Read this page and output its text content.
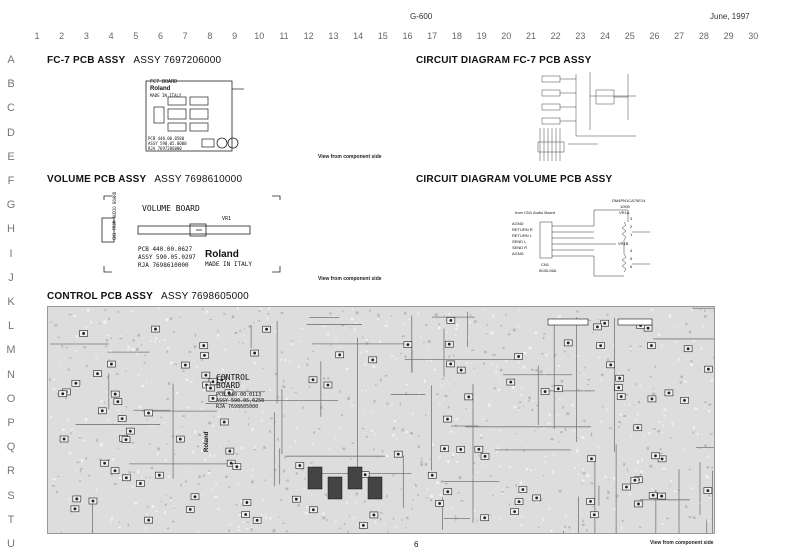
G-600	June, 1997
1	2	3	4	5	6	7	8	9	10	11	12	13	14	15	16	17	18	19	20	21	22	23	24	25	26	27	28	29	30
A
B
C
D
E
F
G
H
I
J
K
L
M
N
O
P
Q
R
S
T
U
FC-7 PCB ASSY ASSY 7697206000
FC7 BOARD
Roland
MADE IN ITALY
PCB 440.00.0580
ASSY 590.05.0000
RJA 7697206000
View from component side
CIRCUIT DIAGRAM FC-7 PCB ASSY
VOLUME PCB ASSY ASSY 7698610000
VOLUME BOARD
VR1
CN1 FROM AUDIO BOARD
PCB 440.00.0627
ASSY 590.05.0297
RJA 7698610000
Roland
MADE IN ITALY
View from component side
CIRCUIT DIAGRAM VOLUME PCB ASSY
from CN1 Audio Board
AGND
RETURN R
RETURN L
SEND L
SEND R
AGND
CN1
5045-06A
DM4PN1CA70E14
10KB
VR1A
VR1B
3
2
1
4
5
6
CONTROL PCB ASSY ASSY 7698605000
CONTROL
BOARD
PCB 440.00.0113
ASSY 590.05.0250
RJA 7698605000
Roland
6	View from component side
